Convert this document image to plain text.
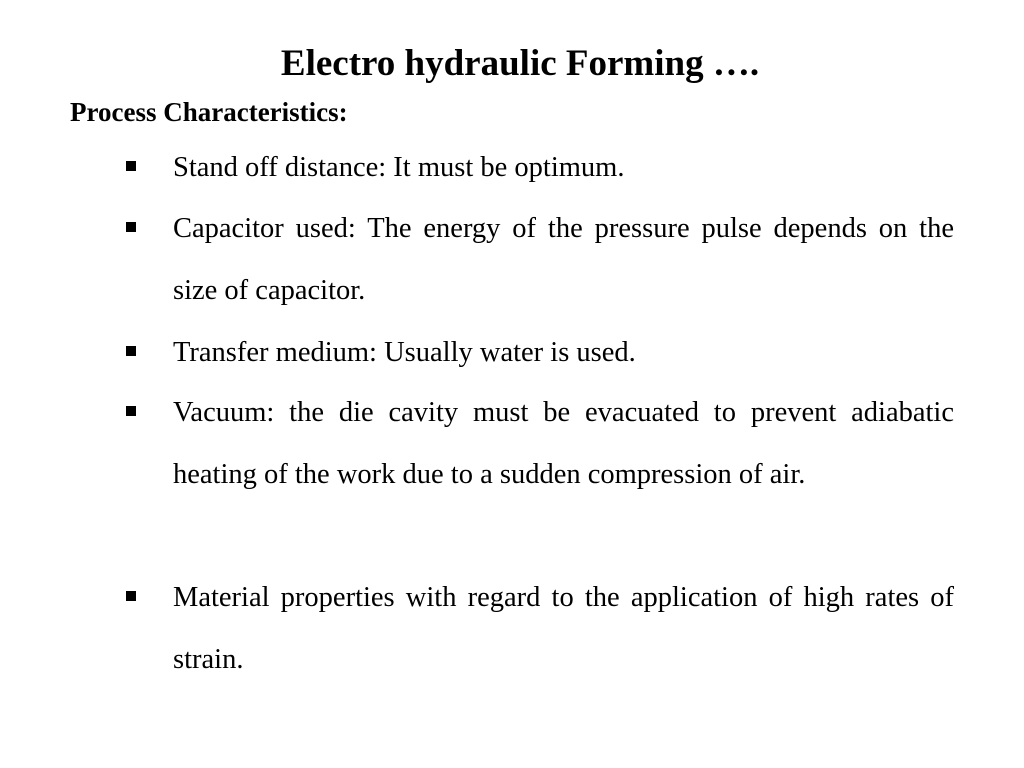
Electro hydraulic Forming ….
Process Characteristics:

Stand off distance: It must be optimum.

Capacitor used: The energy of the pressure pulse depends on the size of capacitor.

Transfer medium: Usually water is used.

Vacuum: the die cavity must be evacuated to prevent adiabatic heating of the work due to a sudden compression of air.

Material properties with regard to the application of high rates of strain.
